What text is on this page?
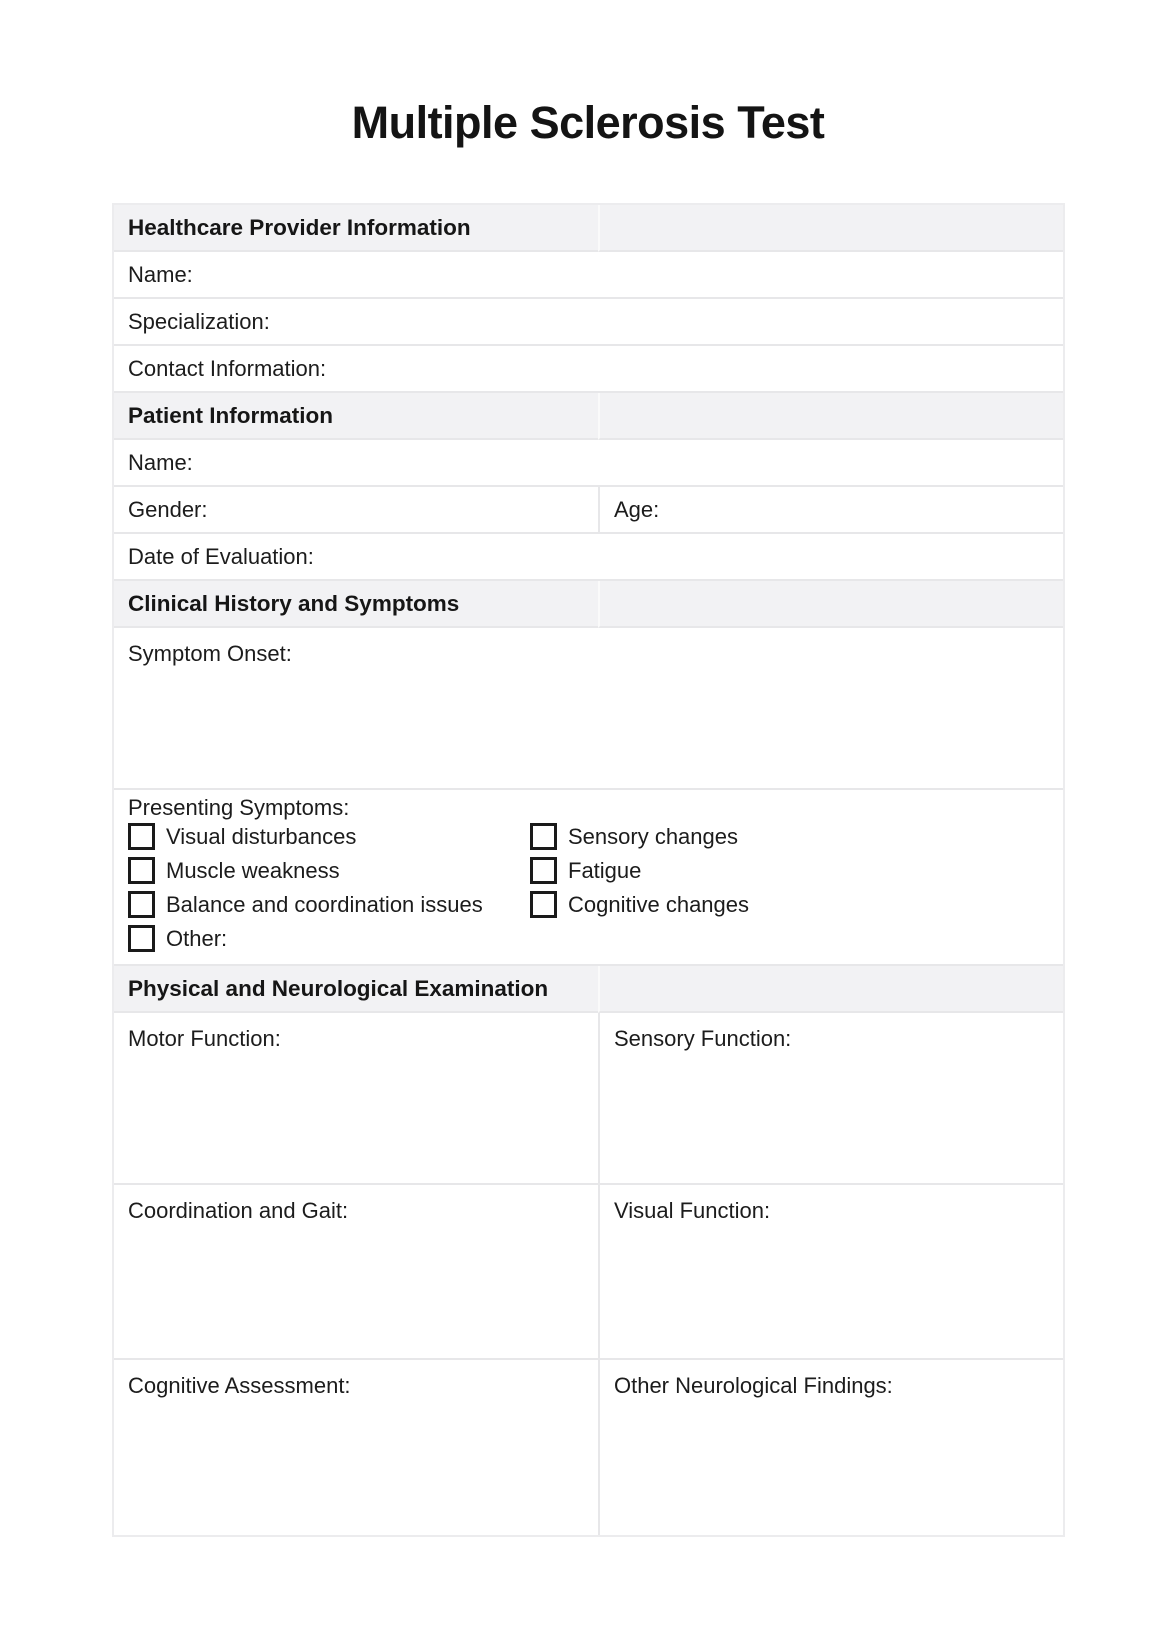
Multiple Sclerosis Test
Healthcare Provider Information	
Name:	
Specialization:	
Contact Information:	
Patient Information	
Name:	
Gender:	Age:
Date of Evaluation:	
Clinical History and Symptoms	
Symptom Onset:	

Presenting Symptoms:
Visual disturbances
Muscle weakness
Balance and coordination issues
Other:
Sensory changes
Fatigue
Cognitive changes

Physical and Neurological Examination	
Motor Function:	Sensory Function:
Coordination and Gait:	Visual Function:
Cognitive Assessment:	Other Neurological Findings:
